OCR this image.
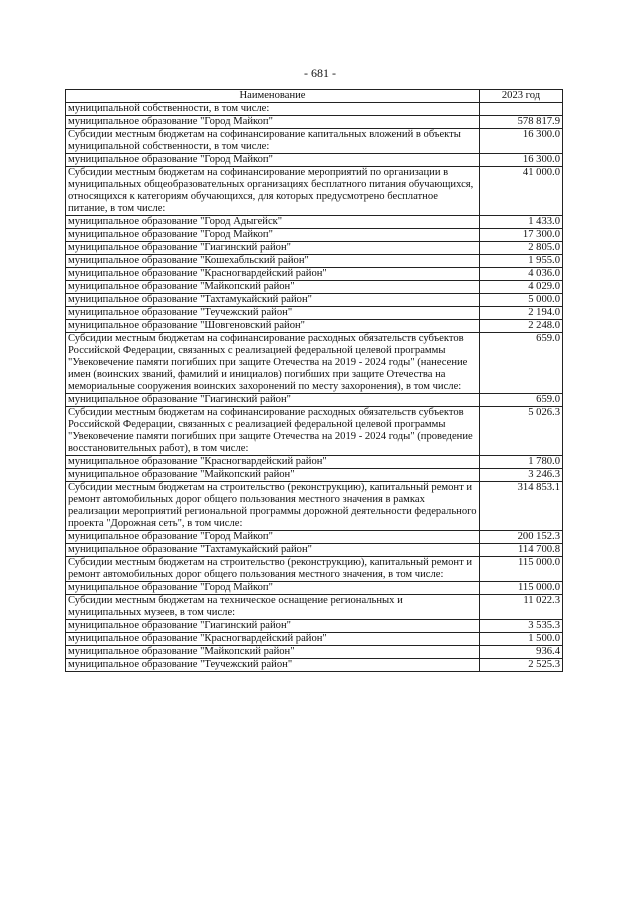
- 681 -
Наименование	2023 год
муниципальной собственности, в том числе:	
муниципальное образование "Город Майкоп"	578 817.9
Субсидии местным бюджетам на софинансирование капитальных вложений в объекты муниципальной собственности, в том числе:	16 300.0
муниципальное образование "Город Майкоп"	16 300.0
Субсидии местным бюджетам на софинансирование мероприятий по организации в муниципальных общеобразовательных организациях бесплатного питания обучающихся, относящихся к категориям обучающихся, для которых предусмотрено бесплатное питание, в том числе:	41 000.0
муниципальное образование "Город Адыгейск"	1 433.0
муниципальное образование "Город Майкоп"	17 300.0
муниципальное образование "Гиагинский район"	2 805.0
муниципальное образование "Кошехабльский район"	1 955.0
муниципальное образование "Красногвардейский район"	4 036.0
муниципальное образование "Майкопский район"	4 029.0
муниципальное образование "Тахтамукайский район"	5 000.0
муниципальное образование "Теучежский район"	2 194.0
муниципальное образование "Шовгеновский район"	2 248.0
Субсидии местным бюджетам на софинансирование расходных обязательств субъектов Российской Федерации, связанных с реализацией федеральной целевой программы "Увековечение памяти погибших при защите Отечества на 2019 - 2024 годы" (нанесение имен (воинских званий, фамилий и инициалов) погибших при защите Отечества на мемориальные сооружения воинских захоронений по месту захоронения), в том числе:	659.0
муниципальное образование "Гиагинский район"	659.0
Субсидии местным бюджетам на софинансирование расходных обязательств субъектов Российской Федерации, связанных с реализацией федеральной целевой программы "Увековечение памяти погибших при защите Отечества на 2019 - 2024 годы" (проведение восстановительных работ), в том числе:	5 026.3
муниципальное образование "Красногвардейский район"	1 780.0
муниципальное образование "Майкопский район"	3 246.3
Субсидии местным бюджетам на строительство (реконструкцию), капитальный ремонт и ремонт автомобильных дорог общего пользования местного значения в рамках реализации мероприятий региональной программы дорожной деятельности федерального проекта "Дорожная сеть", в том числе:	314 853.1
муниципальное образование "Город Майкоп"	200 152.3
муниципальное образование "Тахтамукайский район"	114 700.8
Субсидии местным бюджетам на строительство (реконструкцию), капитальный ремонт и ремонт автомобильных дорог общего пользования местного значения, в том числе:	115 000.0
муниципальное образование "Город Майкоп"	115 000.0
Субсидии местным бюджетам на техническое оснащение региональных и муниципальных музеев, в том числе:	11 022.3
муниципальное образование "Гиагинский район"	3 535.3
муниципальное образование "Красногвардейский район"	1 500.0
муниципальное образование "Майкопский район"	936.4
муниципальное образование "Теучежский район"	2 525.3
